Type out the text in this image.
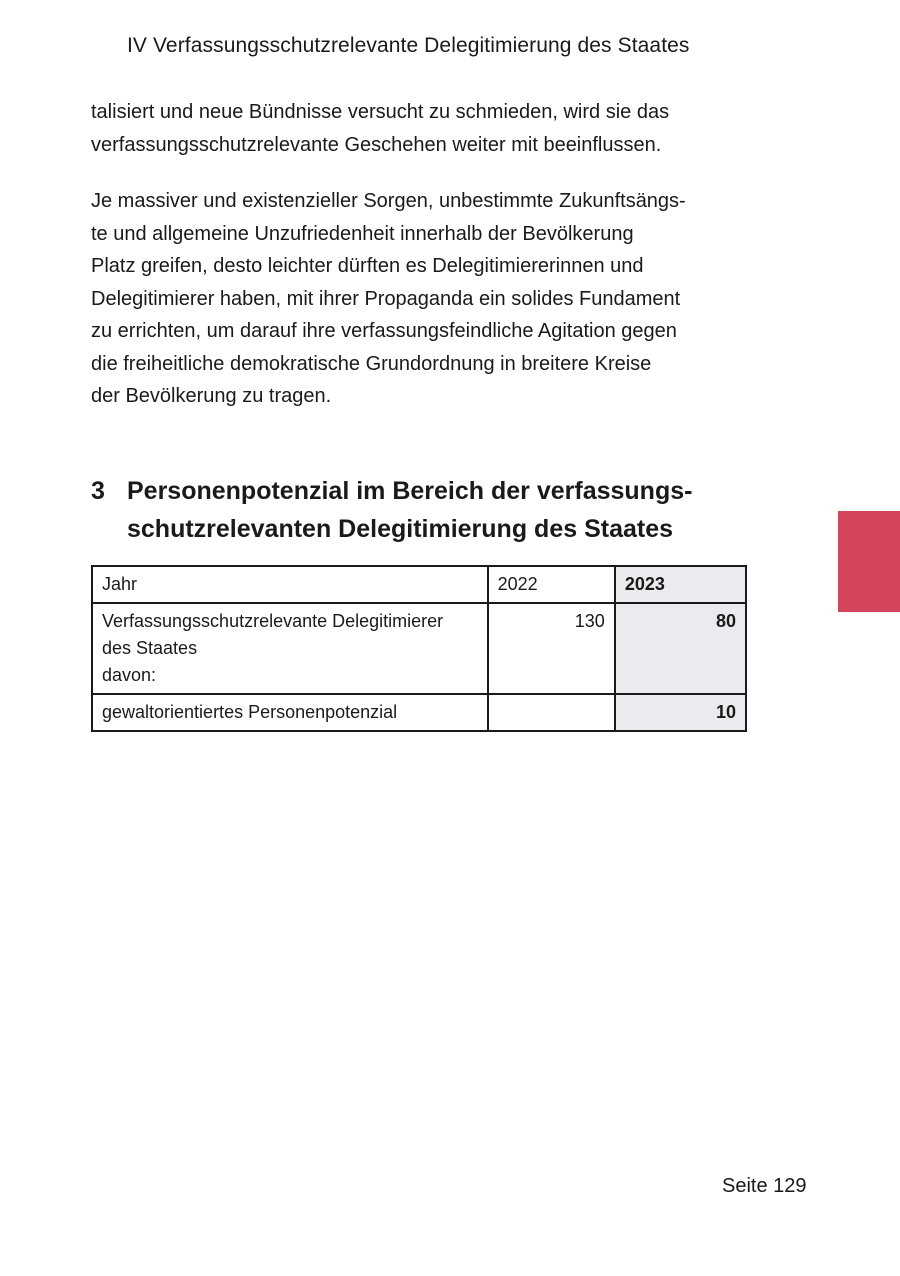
IV Verfassungsschutzrelevante Delegitimierung des Staates
talisiert und neue Bündnisse versucht zu schmieden, wird sie das
verfassungsschutzrelevante Geschehen weiter mit beeinflussen.
Je massiver und existenzieller Sorgen, unbestimmte Zukunftsängs-
te und allgemeine Unzufriedenheit innerhalb der Bevölkerung
Platz greifen, desto leichter dürften es Delegitimiererinnen und
Delegitimierer haben, mit ihrer Propaganda ein solides Fundament
zu errichten, um darauf ihre verfassungsfeindliche Agitation gegen
die freiheitliche demokratische Grundordnung in breitere Kreise
der Bevölkerung zu tragen.
3 Personenpotenzial im Bereich der verfassungs-
schutzrelevanten Delegitimierung des Staates
Jahr	2022	2023

Verfassungsschutzrelevante Delegitimierer
des Staates
davon:	130	80

gewaltorientiertes Personenpotenzial		10
Seite 129
